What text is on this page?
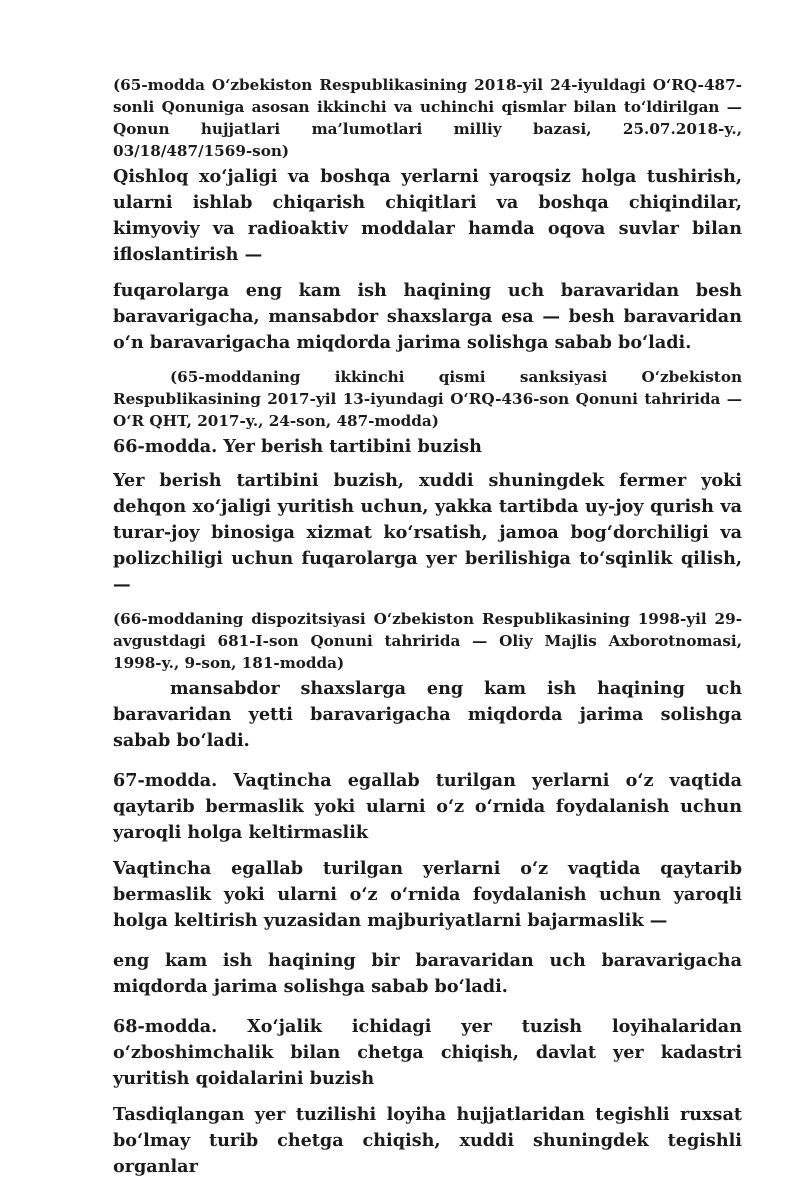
(65-modda O‘zbekiston Respublikasining 2018-yil 24-iyuldagi O‘RQ-487-sonli Qonuniga asosan ikkinchi va uchinchi qismlar bilan to‘ldirilgan — Qonun hujjatlari ma’lumotlari milliy bazasi, 25.07.2018-y., 03/18/487/1569-son)

Qishloq xo‘jaligi va boshqa yerlarni yaroqsiz holga tushirish, ularni ishlab chiqarish chiqitlari va boshqa chiqindilar, kimyoviy va radioaktiv moddalar hamda oqova suvlar bilan ifloslantirish —

fuqarolarga eng kam ish haqining uch baravaridan besh baravarigacha, mansabdor shaxslarga esa — besh baravaridan o‘n baravarigacha miqdorda jarima solishga sabab bo‘ladi.

(65-moddaning ikkinchi qismi sanksiyasi O‘zbekiston Respublikasining 2017-yil 13-iyundagi O‘RQ-436-son Qonuni tahririda — O‘R QHT, 2017-y., 24-son, 487-modda)

66-modda. Yer berish tartibini buzish

Yer berish tartibini buzish, xuddi shuningdek fermer yoki dehqon xo‘jaligi yuritish uchun, yakka tartibda uy-joy qurish va turar-joy binosiga xizmat ko‘rsatish, jamoa bog‘dorchiligi va polizchiligi uchun fuqarolarga yer berilishiga to‘sqinlik qilish, —

(66-moddaning dispozitsiyasi O‘zbekiston Respublikasining 1998-yil 29-avgustdagi 681-I-son Qonuni tahririda — Oliy Majlis Axborotnomasi, 1998-y., 9-son, 181-modda)

mansabdor shaxslarga eng kam ish haqining uch baravaridan yetti baravarigacha miqdorda jarima solishga sabab bo‘ladi.

67-modda. Vaqtincha egallab turilgan yerlarni o‘z vaqtida qaytarib bermaslik yoki ularni o‘z o‘rnida foydalanish uchun yaroqli holga keltirmaslik

Vaqtincha egallab turilgan yerlarni o‘z vaqtida qaytarib bermaslik yoki ularni o‘z o‘rnida foydalanish uchun yaroqli holga keltirish yuzasidan majburiyatlarni bajarmaslik —

eng kam ish haqining bir baravaridan uch baravarigacha miqdorda jarima solishga sabab bo‘ladi.

68-modda. Xo‘jalik ichidagi yer tuzish loyihalaridan o‘zboshimchalik bilan chetga chiqish, davlat yer kadastri yuritish qoidalarini buzish

Tasdiqlangan yer tuzilishi loyiha hujjatlaridan tegishli ruxsat bo‘lmay turib chetga chiqish, xuddi shuningdek tegishli organlar
